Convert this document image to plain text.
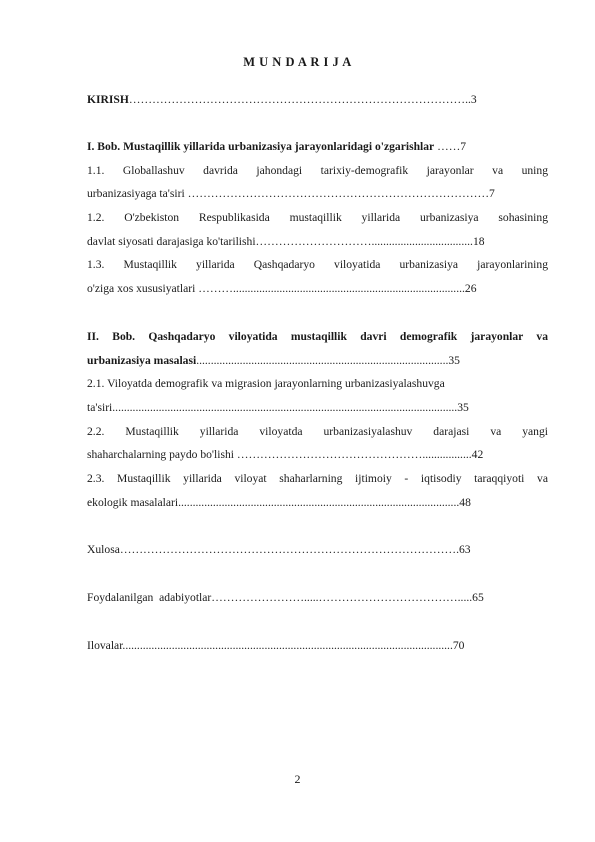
M U N D A R I J A
KIRISH……………………………………………………………………………..3
I. Bob. Mustaqillik yillarida urbanizasiya jarayonlaridagi o'zgarishlar ……7
1.1. Globallashuv davrida jahondagi tarixiy-demografik jarayonlar va uning
urbanizasiyaga ta'siri ……………………………………………………………………7
1.2. O'zbekiston Respublikasida mustaqillik yillarida urbanizasiya sohasining
davlat siyosati darajasiga ko'tarilishi…………………………...................................18
1.3. Mustaqillik yillarida Qashqadaryo viloyatida urbanizasiya jarayonlarining
o'ziga xos xususiyatlari ………................................................................................26
II. Bob. Qashqadaryo viloyatida mustaqillik davri demografik jarayonlar va
urbanizasiya masalasi.......................................................................................35
2.1. Viloyatda demografik va migrasion jarayonlarning urbanizasiyalashuvga
ta'siri.......................................................................................................................35
2.2. Mustaqillik yillarida viloyatda urbanizasiyalashuv darajasi va yangi
shaharchalarning paydo bo'lishi ………………………………………….................42
2.3. Mustaqillik yillarida viloyat shaharlarning ijtimoiy - iqtisodiy taraqqiyoti va
ekologik masalalari.................................................................................................48
Xulosa…………………………………………………………………………….63
Foydalanilgan  adabiyotlar…………………….....……………………………….....65
Ilovalar..................................................................................................................70
2
